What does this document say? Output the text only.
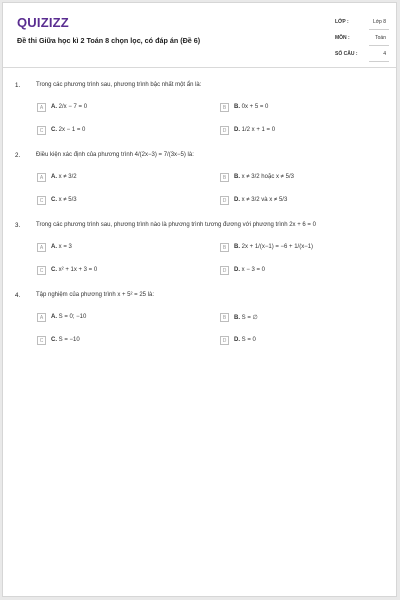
QUIZIZZ
Đề thi Giữa học kì 2 Toán 8 chọn lọc, có đáp án (Đề 6)
LỚP :	Lớp 8
MÔN :	Toán
SỐ CÂU :	4
1.	Trong các phương trình sau, phương trình bậc nhất một ẩn là:
A	A. 2/x − 7 = 0	B	B. 0x + 5 = 0
C	C. 2x − 1 = 0	D	D. 1/2 x + 1 = 0
2.	Điều kiện xác định của phương trình 4/(2x−3) = 7/(3x−5) là:
A	A. x ≠ 3/2	B	B. x ≠ 3/2 hoặc x ≠ 5/3
C	C. x ≠ 5/3	D	D. x ≠ 3/2 và x ≠ 5/3
3.	Trong các phương trình sau, phương trình nào là phương trình tương đương với phương trình 2x + 6 = 0
A	A. x = 3	B	B. 2x + 1/(x−1) = −6 + 1/(x−1)
C	C. x² + 1x + 3 = 0	D	D. x − 3 = 0
4.	Tập nghiệm của phương trình x + 5² = 25 là:
A	A. S = 0; −10	B	B. S = ∅
C	C. S = −10	D	D. S = 0
